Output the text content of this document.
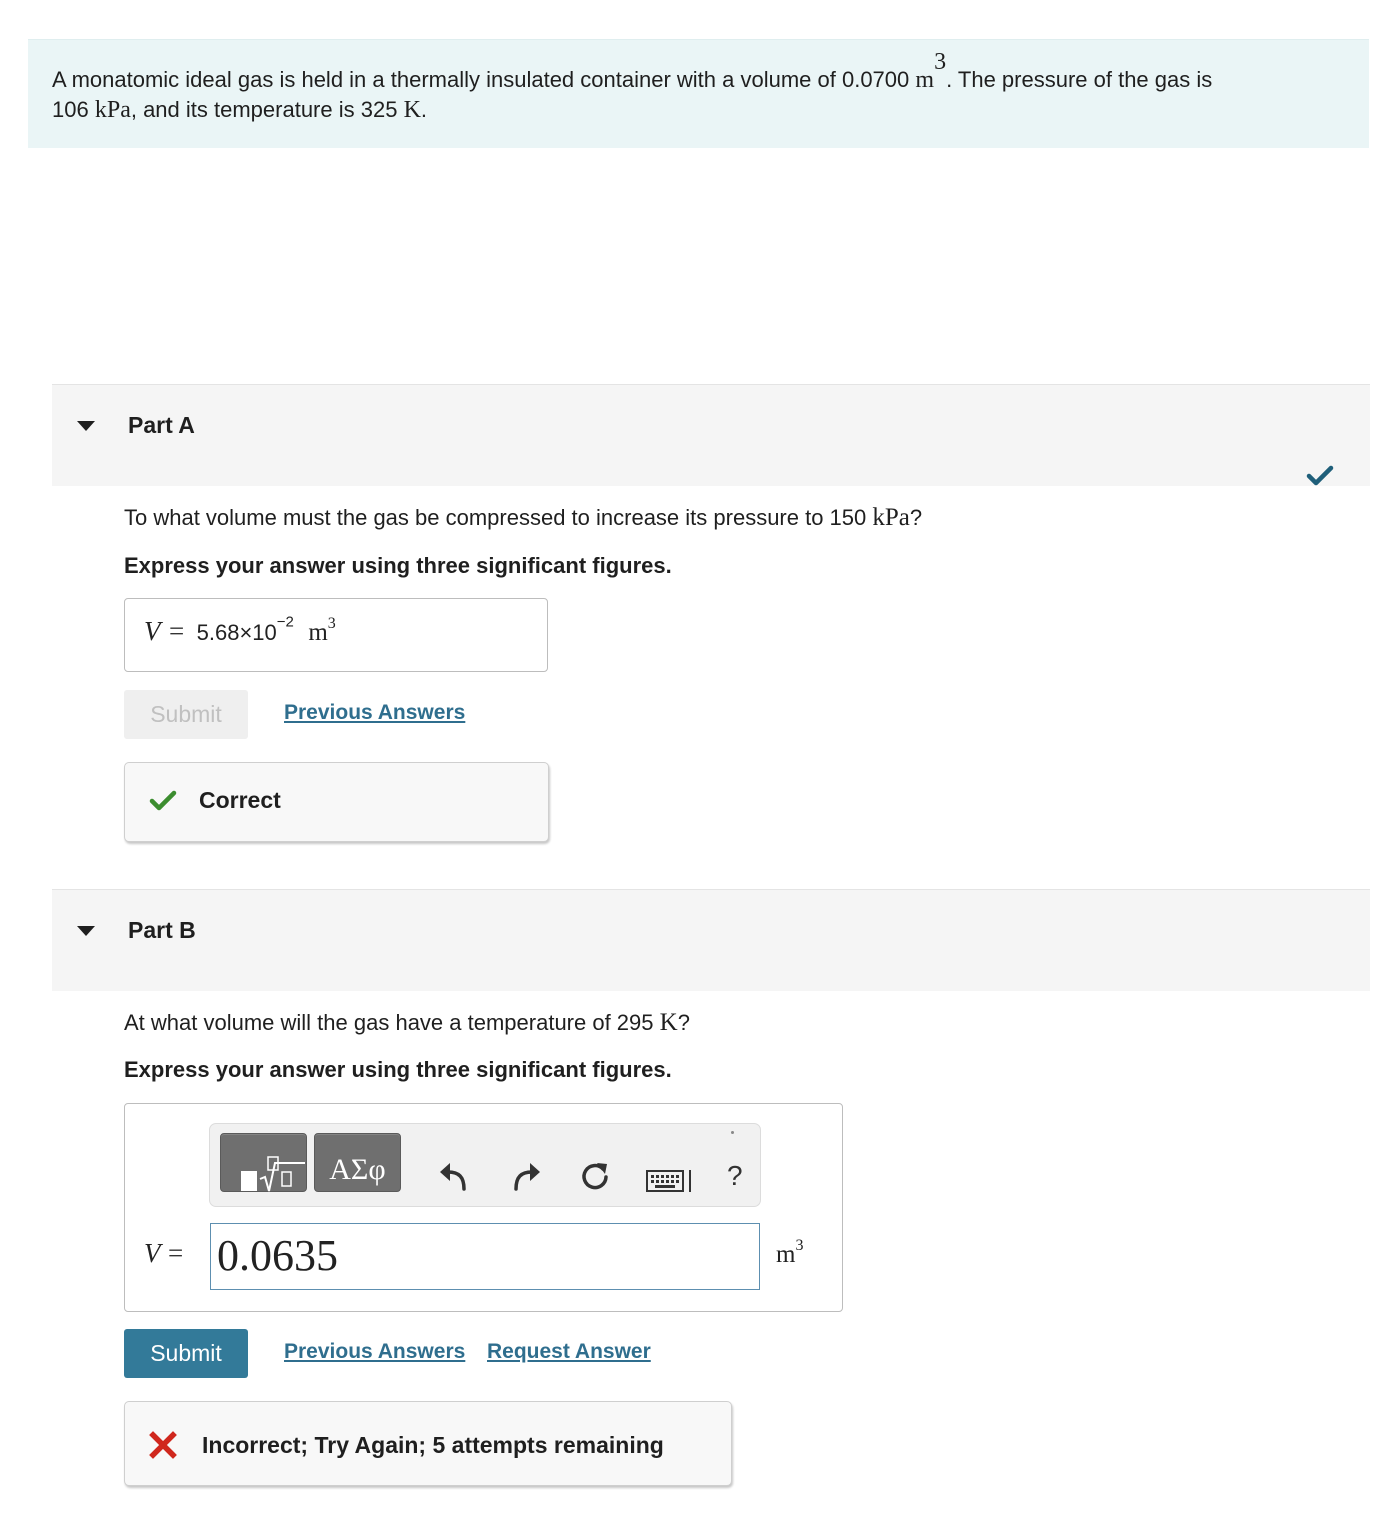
A monatomic ideal gas is held in a thermally insulated container with a volume of 0.0700 $m^3$. The pressure of the gas is
106 kPa, and its temperature is 325 K.
Part A
To what volume must the gas be compressed to increase its pressure to 150 kPa?
Express your answer using three significant figures.
$V = 5.68\times 10^{-2}$ $m^3$
Submit	Previous Answers
Correct
Part B
At what volume will the gas have a temperature of 295 K?
Express your answer using three significant figures.
ΑΣφ	?
V = 0.0635	$m^3$
Submit	Previous Answers Request Answer
Incorrect; Try Again; 5 attempts remaining
